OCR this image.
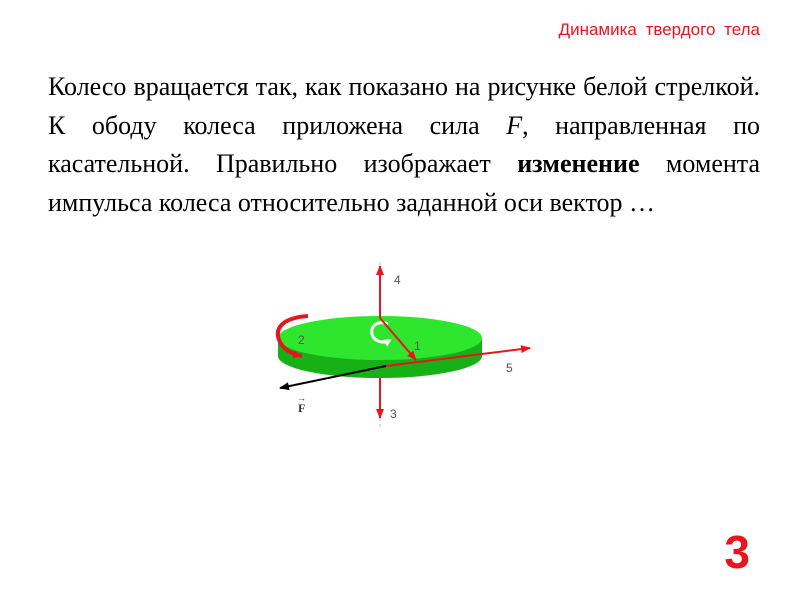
Динамика твердого тела
Колесо вращается так, как показано на рисунке белой стрелкой. К ободу колеса приложена сила F, направленная по касательной. Правильно изображает изменение момента импульса колеса относительно заданной оси вектор …
4
2	1
5
3
→
F
3
